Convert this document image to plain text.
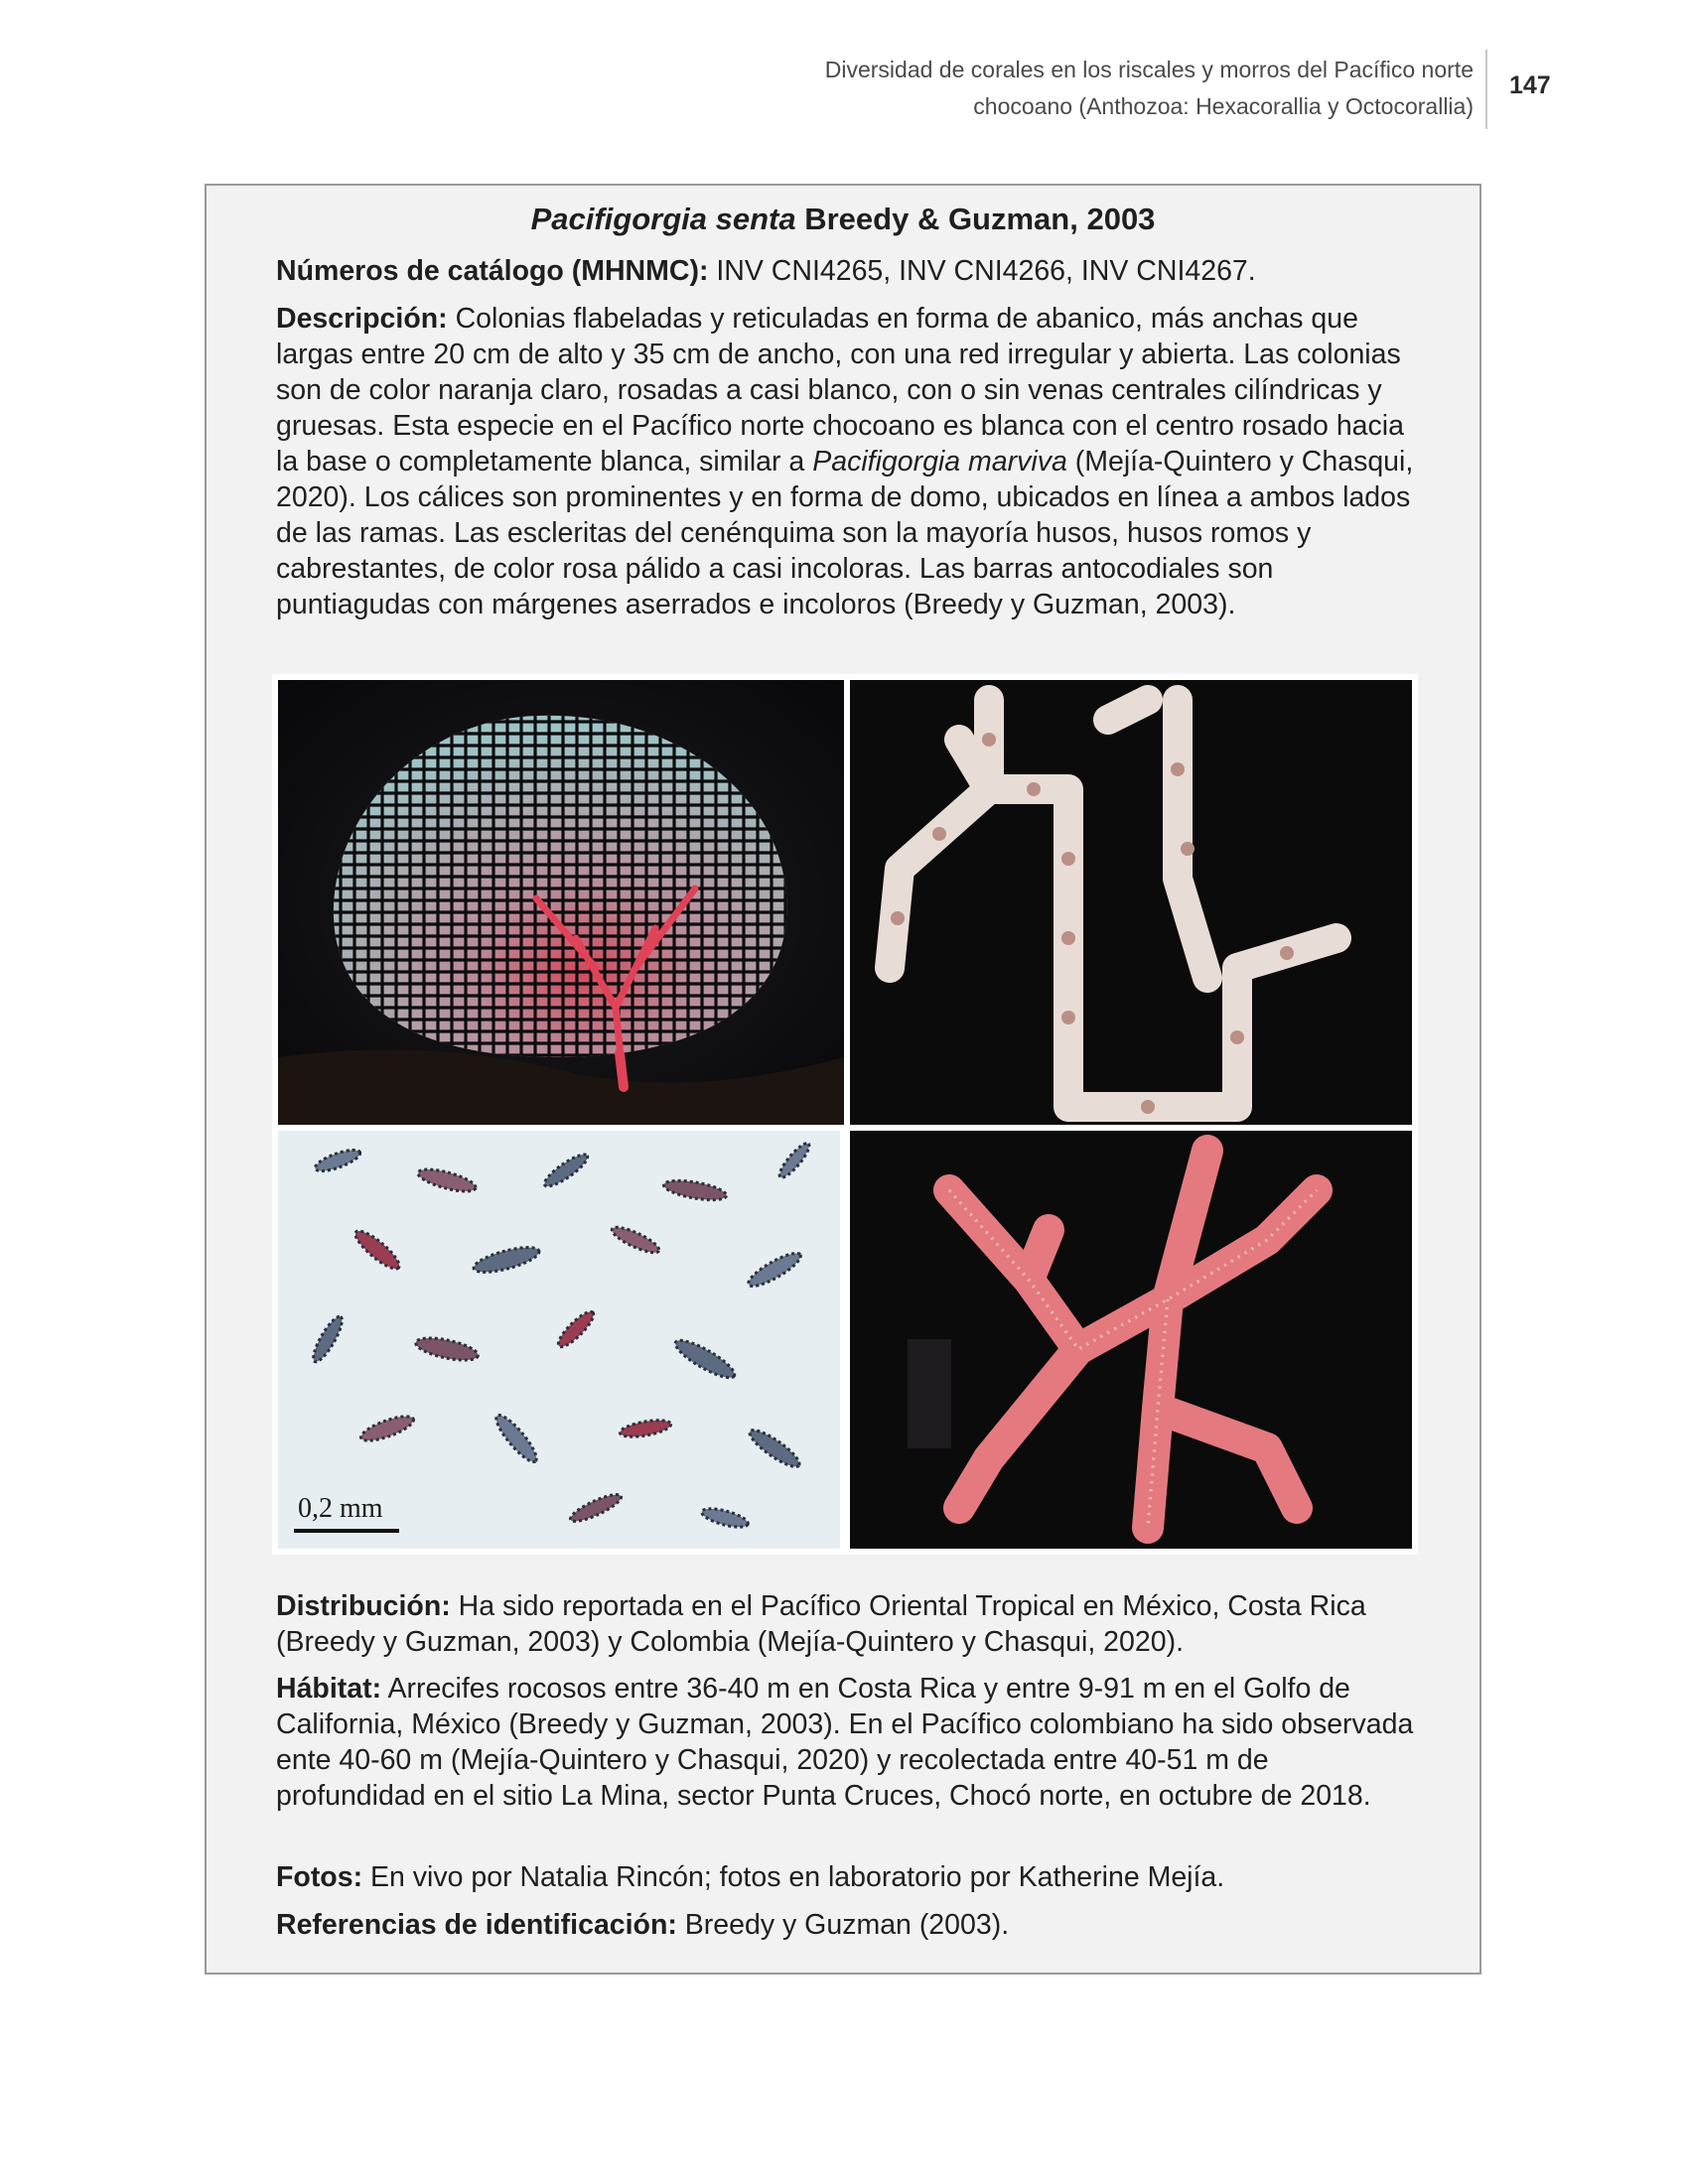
Diversidad de corales en los riscales y morros del Pacífico norte
chocoano (Anthozoa: Hexacorallia y Octocorallia)
147
Pacifigorgia senta Breedy & Guzman, 2003
Números de catálogo (MHNMC): INV CNI4265, INV CNI4266, INV CNI4267.
Descripción: Colonias flabeladas y reticuladas en forma de abanico, más anchas que largas entre 20 cm de alto y 35 cm de ancho, con una red irregular y abierta. Las colonias son de color naranja claro, rosadas a casi blanco, con o sin venas centrales cilíndricas y gruesas. Esta especie en el Pacífico norte chocoano es blanca con el centro rosado hacia la base o completamente blanca, similar a Pacifigorgia marviva (Mejía-Quintero y Chasqui, 2020). Los cálices son prominentes y en forma de domo, ubicados en línea a ambos lados de las ramas. Las escleritas del cenénquima son la mayoría husos, husos romos y cabrestantes, de color rosa pálido a casi incoloras. Las barras antocodiales son puntiagudas con márgenes aserrados e incoloros (Breedy y Guzman, 2003).
0,2 mm
Distribución: Ha sido reportada en el Pacífico Oriental Tropical en México, Costa Rica (Breedy y Guzman, 2003) y Colombia (Mejía-Quintero y Chasqui, 2020).
Hábitat: Arrecifes rocosos entre 36-40 m en Costa Rica y entre 9-91 m en el Golfo de California, México (Breedy y Guzman, 2003). En el Pacífico colombiano ha sido observada ente 40-60 m (Mejía-Quintero y Chasqui, 2020) y recolectada entre 40-51 m de profundidad en el sitio La Mina, sector Punta Cruces, Chocó norte, en octubre de 2018.
Fotos: En vivo por Natalia Rincón; fotos en laboratorio por Katherine Mejía.
Referencias de identificación: Breedy y Guzman (2003).
